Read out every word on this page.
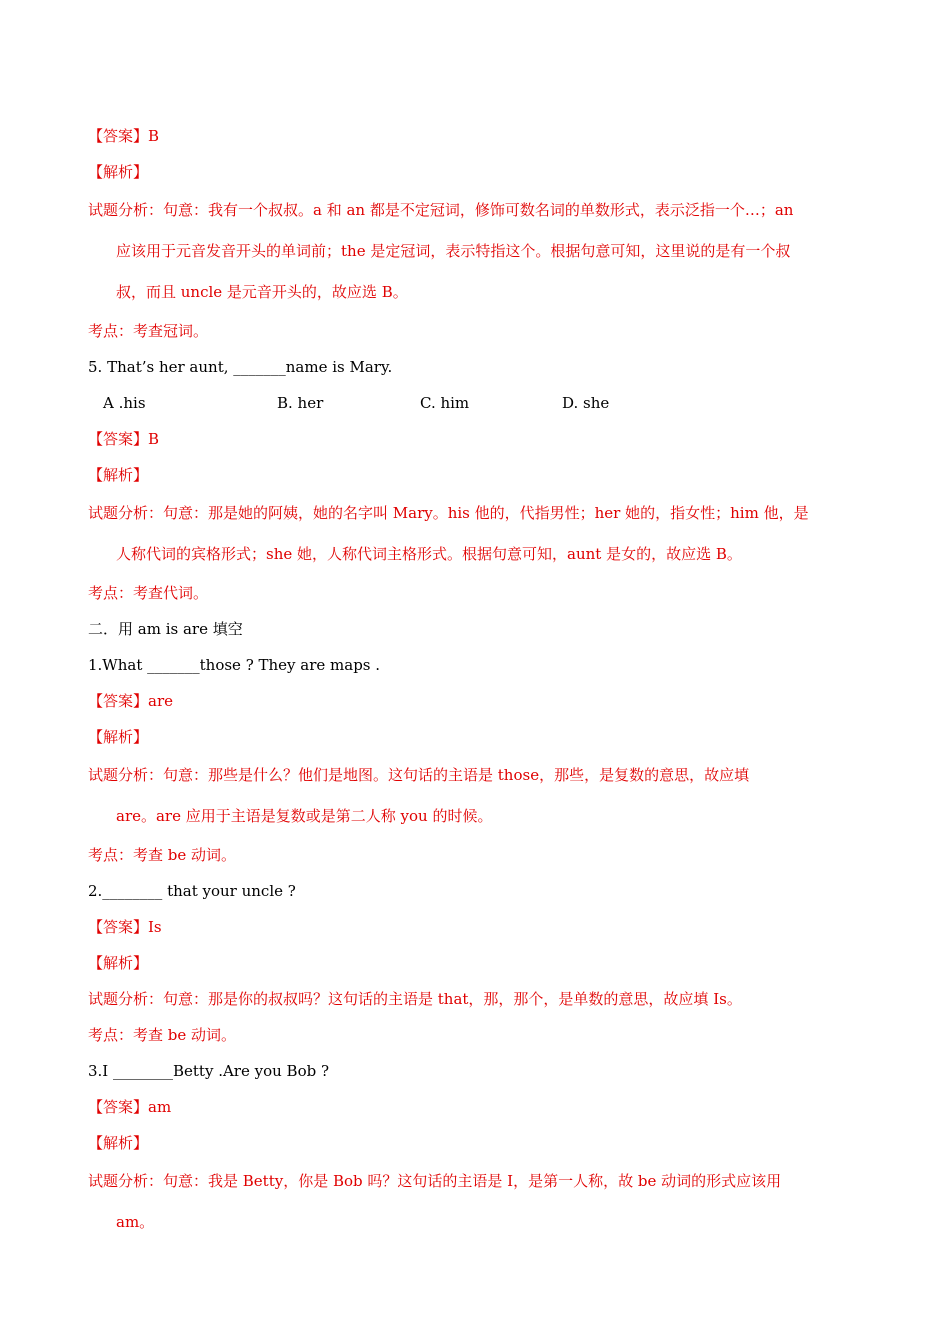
【答案】B
【解析】
试题分析：句意：我有一个叔叔。a 和 an 都是不定冠词，修饰可数名词的单数形式，表示泛指一个…；an
应该用于元音发音开头的单词前；the 是定冠词，表示特指这个。根据句意可知，这里说的是有一个叔
叔，而且 uncle 是元音开头的，故应选 B。
考点：考查冠词。
5. That’s her aunt, _______name is Mary.
A .his	B. her	C. him	D. she
【答案】B
【解析】
试题分析：句意：那是她的阿姨，她的名字叫 Mary。his 他的，代指男性；her 她的，指女性；him 他，是
人称代词的宾格形式；she 她，人称代词主格形式。根据句意可知，aunt 是女的，故应选 B。
考点：考查代词。
二．用 am is are 填空
1.What _______those ? They are maps .
【答案】are
【解析】
试题分析：句意：那些是什么？他们是地图。这句话的主语是 those，那些，是复数的意思，故应填
are。are 应用于主语是复数或是第二人称 you 的时候。
考点：考查 be 动词。
2.________ that your uncle ?
【答案】Is
【解析】
试题分析：句意：那是你的叔叔吗？这句话的主语是 that，那，那个，是单数的意思，故应填 Is。
考点：考查 be 动词。
3.I ________Betty .Are you Bob ?
【答案】am
【解析】
试题分析：句意：我是 Betty，你是 Bob 吗？这句话的主语是 I，是第一人称，故 be 动词的形式应该用
am。
